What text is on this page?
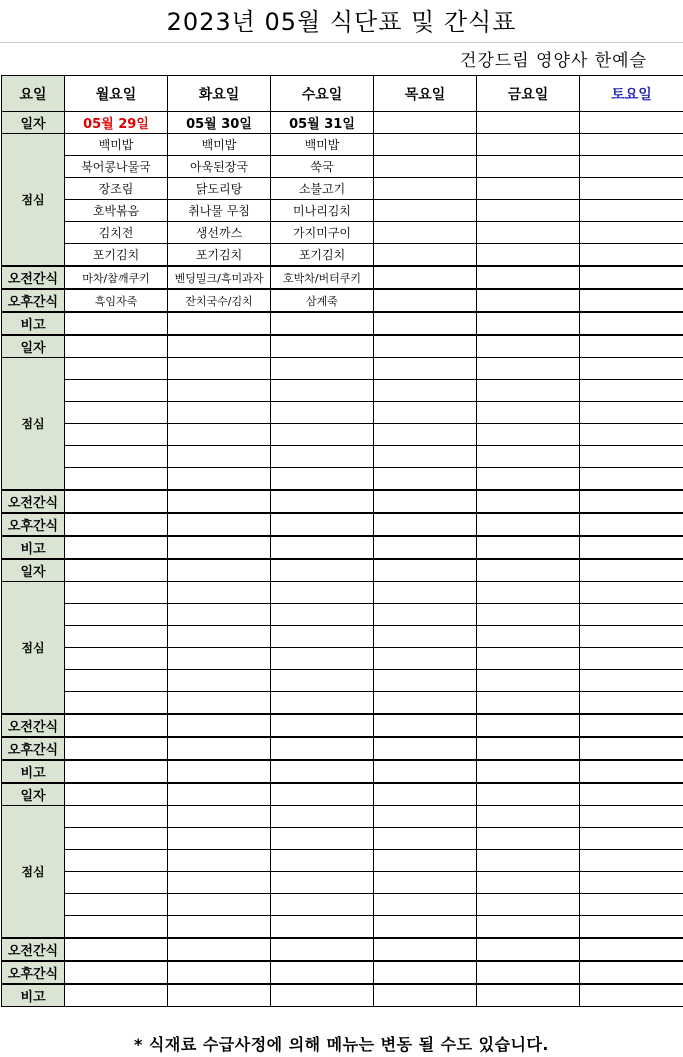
2023년 05월 식단표 및 간식표
건강드림 영양사 한예슬
요일	월요일	화요일	수요일	목요일	금요일	토요일
일자	05월 29일	05월 30일	05월 31일			
점심	백미밥	백미밥	백미밥			
	북어콩나물국	아욱된장국	쑥국			
	장조림	닭도리탕	소불고기			
	호박볶음	취나물 무침	미나리김치			
	김치전	생선까스	가지미구이			
	포기김치	포기김치	포기김치			
오전간식	마차/참깨쿠키	벤딩밀크/흑미과자	호박차/버터쿠키			
오후간식	흑임자죽	잔치국수/김치	삼계죽			
비고						
일자						
점심						

오전간식						
오후간식						
비고						
일자						
점심						

오전간식						
오후간식						
비고						
일자						
점심						

오전간식						
오후간식						
비고						
* 식재료 수급사정에 의해 메뉴는 변동 될 수도 있습니다.
